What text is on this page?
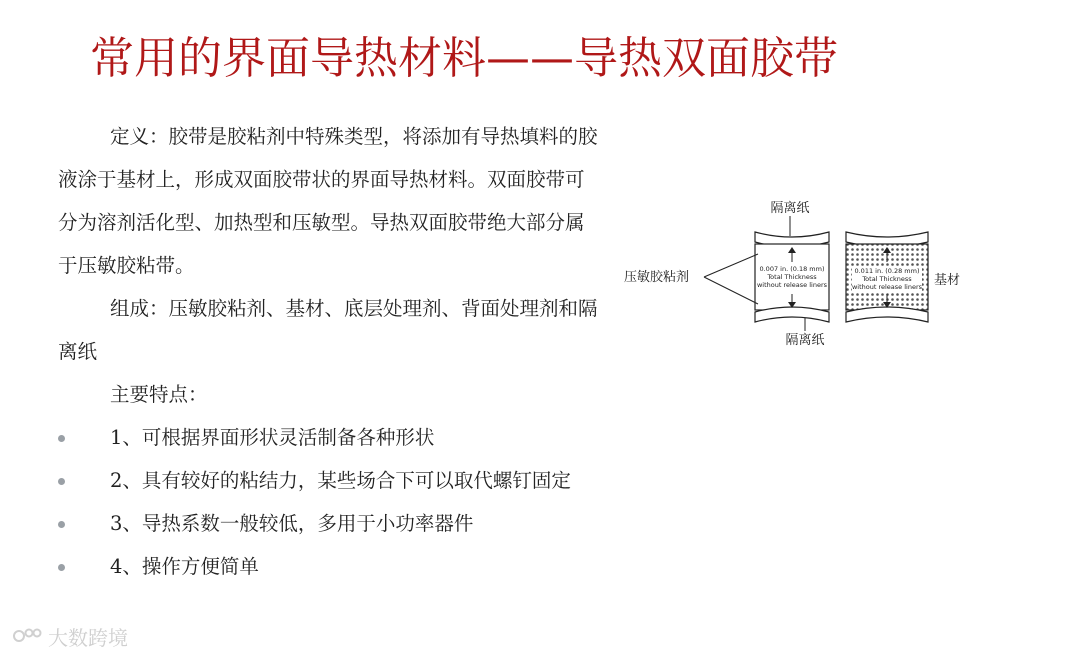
常用的界面导热材料——导热双面胶带

定义：胶带是胶粘剂中特殊类型，将添加有导热填料的胶液涂于基材上，形成双面胶带状的界面导热材料。双面胶带可分为溶剂活化型、加热型和压敏型。导热双面胶带绝大部分属于压敏胶粘带。

组成：压敏胶粘剂、基材、底层处理剂、背面处理剂和隔离纸

主要特点：

1、可根据界面形状灵活制备各种形状
2、具有较好的粘结力，某些场合下可以取代螺钉固定
3、导热系数一般较低，多用于小功率器件
4、操作方便简单
隔离纸
0.007 in. (0.18 mm)
Total Thickness
without release liners
0.011 in. (0.28 mm)
Total Thickness
without release liners
压敏胶粘剂	基材
隔离纸
大数跨境
